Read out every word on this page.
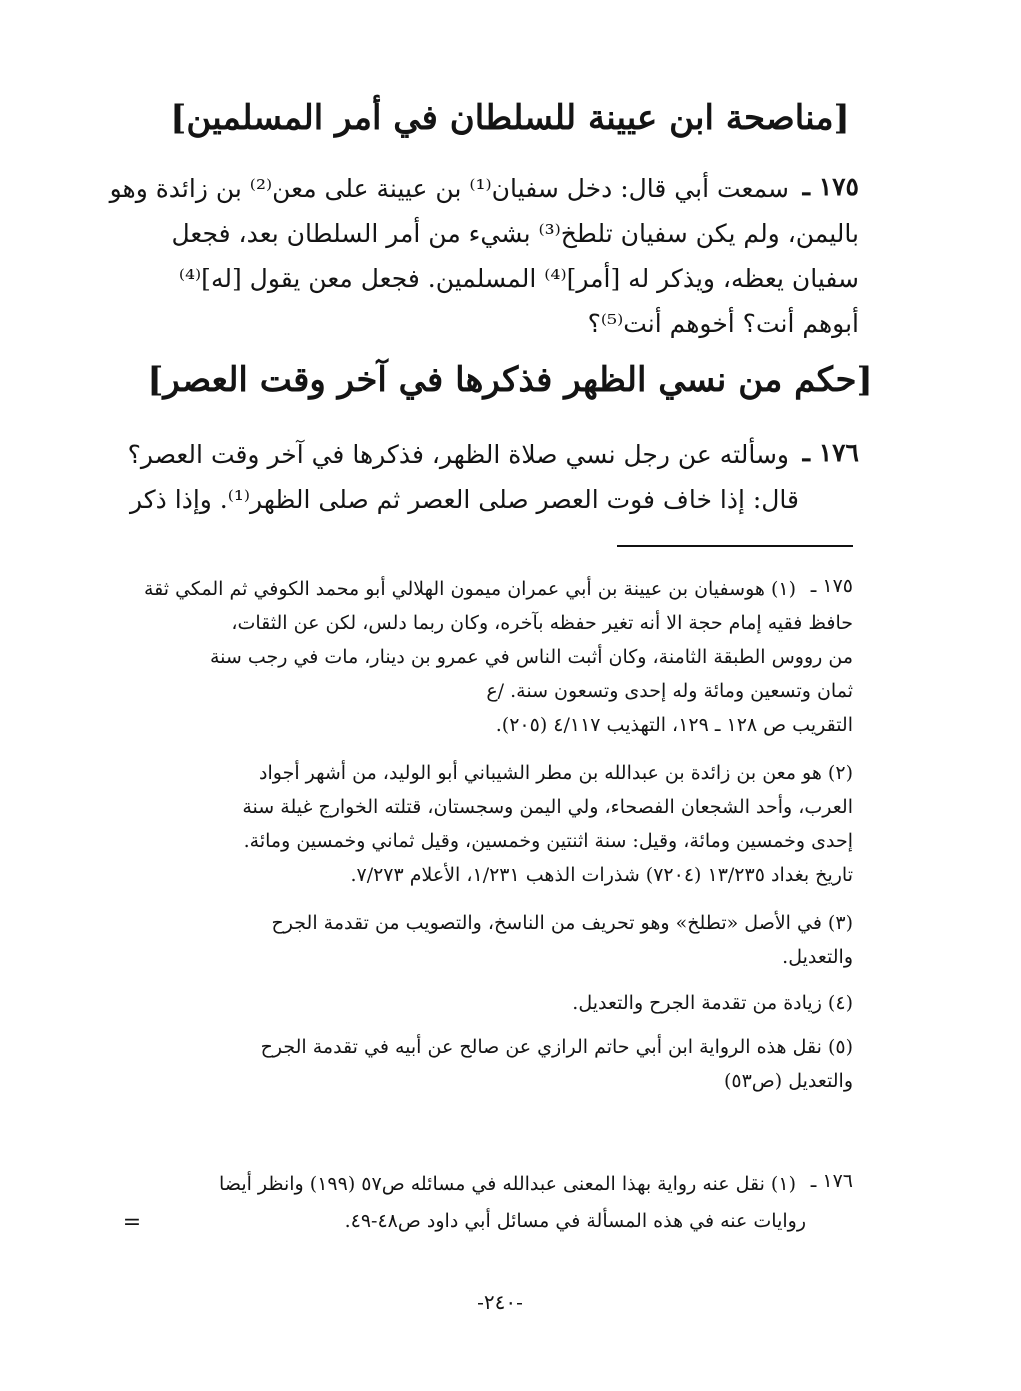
[مناصحة ابن عيينة للسلطان في أمر المسلمين]
١٧٥ ـ
سمعت أبي قال: دخل سفيان⁽¹⁾ بن عيينة على معن⁽²⁾ بن زائدة وهو
باليمن، ولم يكن سفيان تلطخ⁽³⁾ بشيء من أمر السلطان بعد، فجعل
سفيان يعظه، ويذكر له [أمر]⁽⁴⁾ المسلمين. فجعل معن يقول [له]⁽⁴⁾
أبوهم أنت؟ أخوهم أنت⁽⁵⁾؟
[حكم من نسي الظهر فذكرها في آخر وقت العصر]
١٧٦ ـ
وسألته عن رجل نسي صلاة الظهر، فذكرها في آخر وقت العصر؟
قال: إذا خاف فوت العصر صلى العصر ثم صلى الظهر⁽¹⁾. وإذا ذكر
١٧٥ ـ
(١) هوسفيان بن عيينة بن أبي عمران ميمون الهلالي أبو محمد الكوفي ثم المكي ثقة
حافظ فقيه إمام حجة الا أنه تغير حفظه بآخره، وكان ربما دلس، لكن عن الثقات،
من رووس الطبقة الثامنة، وكان أثبت الناس في عمرو بن دينار، مات في رجب سنة
ثمان وتسعين ومائة وله إحدى وتسعون سنة. /ع
التقريب ص ١٢٨ ـ ١٢٩، التهذيب ٤/١١٧ (٢٠٥).
(٢) هو معن بن زائدة بن عبدالله بن مطر الشيباني أبو الوليد، من أشهر أجواد
العرب، وأحد الشجعان الفصحاء، ولي اليمن وسجستان، قتلته الخوارج غيلة سنة
إحدى وخمسين ومائة، وقيل: سنة اثنتين وخمسين، وقيل ثماني وخمسين ومائة.
تاريخ بغداد ١٣/٢٣٥ (٧٢٠٤) شذرات الذهب ١/٢٣١، الأعلام ٧/٢٧٣.
(٣) في الأصل «تطلخ» وهو تحريف من الناسخ، والتصويب من تقدمة الجرح
والتعديل.
(٤) زيادة من تقدمة الجرح والتعديل.
(٥) نقل هذه الرواية ابن أبي حاتم الرازي عن صالح عن أبيه في تقدمة الجرح
والتعديل (ص٥٣)
١٧٦ ـ
(١) نقل عنه رواية بهذا المعنى عبدالله في مسائله ص٥٧ (١٩٩) وانظر أيضا
روايات عنه في هذه المسألة في مسائل أبي داود ص٤٨-٤٩.
=
-٢٤٠-
